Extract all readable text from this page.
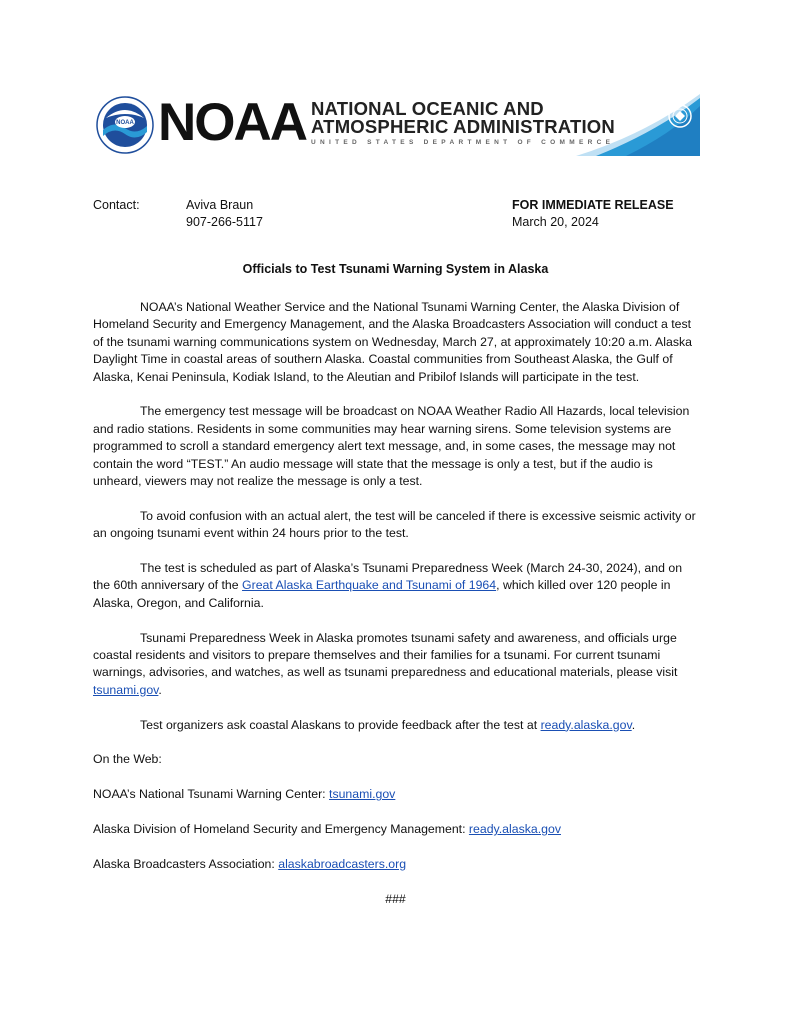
NOAA NOAA NATIONAL OCEANIC AND
ATMOSPHERIC ADMINISTRATION
UNITED STATES DEPARTMENT OF COMMERCE
Contact:	Aviva Braun
907-266-5117
FOR IMMEDIATE RELEASE
March 20, 2024
Officials to Test Tsunami Warning System in Alaska

NOAA’s National Weather Service and the National Tsunami Warning Center, the Alaska Division of Homeland Security and Emergency Management, and the Alaska Broadcasters Association will conduct a test of the tsunami warning communications system on Wednesday, March 27, at approximately 10:20 a.m. Alaska Daylight Time in coastal areas of southern Alaska. Coastal communities from Southeast Alaska, the Gulf of Alaska, Kenai Peninsula, Kodiak Island, to the Aleutian and Pribilof Islands will participate in the test.

The emergency test message will be broadcast on NOAA Weather Radio All Hazards, local television and radio stations. Residents in some communities may hear warning sirens. Some television systems are programmed to scroll a standard emergency alert text message, and, in some cases, the message may not contain the word “TEST.” An audio message will state that the message is only a test, but if the audio is unheard, viewers may not realize the message is only a test.

To avoid confusion with an actual alert, the test will be canceled if there is excessive seismic activity or an ongoing tsunami event within 24 hours prior to the test.

The test is scheduled as part of Alaska’s Tsunami Preparedness Week (March 24-30, 2024), and on the 60th anniversary of the Great Alaska Earthquake and Tsunami of 1964, which killed over 120 people in Alaska, Oregon, and California.

Tsunami Preparedness Week in Alaska promotes tsunami safety and awareness, and officials urge coastal residents and visitors to prepare themselves and their families for a tsunami. For current tsunami warnings, advisories, and watches, as well as tsunami preparedness and educational materials, please visit tsunami.gov.

Test organizers ask coastal Alaskans to provide feedback after the test at ready.alaska.gov.

On the Web:

NOAA’s National Tsunami Warning Center: tsunami.gov

Alaska Division of Homeland Security and Emergency Management: ready.alaska.gov

Alaska Broadcasters Association: alaskabroadcasters.org

###
